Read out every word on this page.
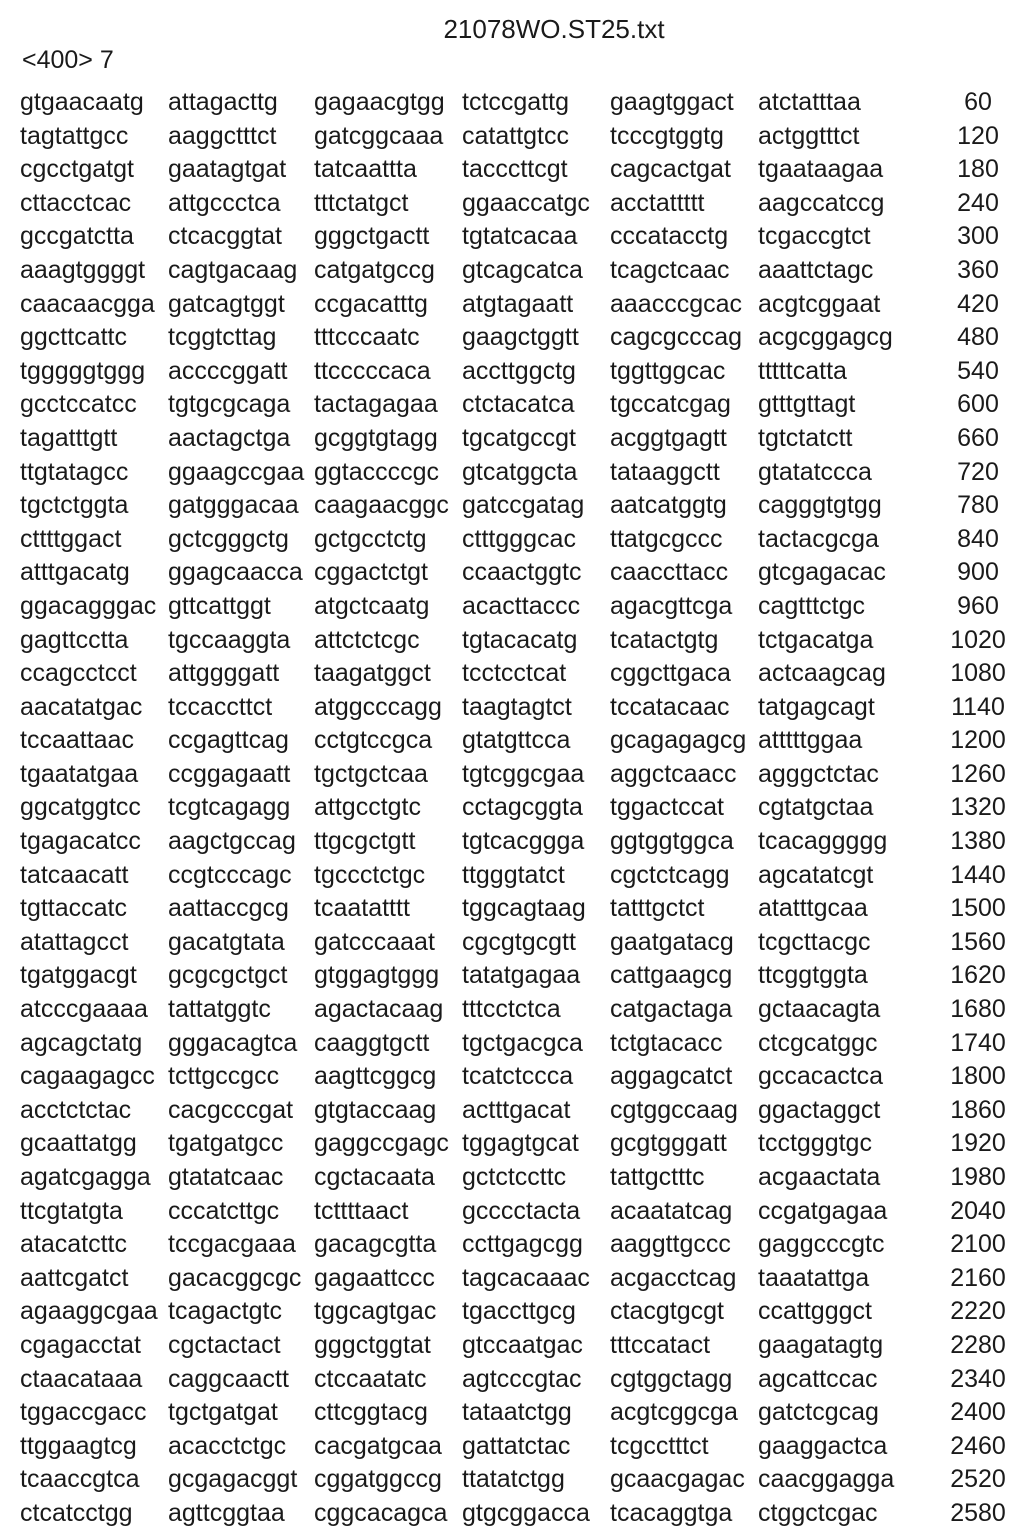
21078WO.ST25.txt
<400> 7
gtgaacaatg attagacttg gagaacgtgg tctccgattg gaagtggact atctatttaa	60
tagtattgcc aaggctttct gatcggcaaa catattgtcc tcccgtggtg actggtttct	120
cgcctgatgt gaatagtgat tatcaattta tacccttcgt cagcactgat tgaataagaa	180
cttacctcac attgccctca tttctatgct ggaaccatgc acctattttt aagccatccg	240
gccgatctta ctcacggtat gggctgactt tgtatcacaa cccatacctg tcgaccgtct	300
aaagtggggt cagtgacaag catgatgccg gtcagcatca tcagctcaac aaattctagc	360
caacaacgga gatcagtggt ccgacatttg atgtagaatt aaacccgcac acgtcggaat	420
ggcttcattc tcggtcttag tttcccaatc gaagctggtt cagcgcccag acgcggagcg	480
tgggggtggg accccggatt ttcccccaca accttggctg tggttggcac tttttcatta	540
gcctccatcc tgtgcgcaga tactagagaa ctctacatca tgccatcgag gtttgttagt	600
tagatttgtt aactagctga gcggtgtagg tgcatgccgt acggtgagtt tgtctatctt	660
ttgtatagcc ggaagccgaa ggtaccccgc gtcatggcta tataaggctt gtatatccca	720
tgctctggta gatgggacaa caagaacggc gatccgatag aatcatggtg cagggtgtgg	780
cttttggact gctcgggctg gctgcctctg ctttgggcac ttatgcgccc tactacgcga	840
atttgacatg ggagcaacca cggactctgt ccaactggtc caaccttacc gtcgagacac	900
ggacagggac gttcattggt atgctcaatg acacttaccc agacgttcga cagtttctgc	960
gagttcctta tgccaaggta attctctcgc tgtacacatg tcatactgtg tctgacatga	1020
ccagcctcct attggggatt taagatggct tcctcctcat cggcttgaca actcaagcag	1080
aacatatgac tccaccttct atggcccagg taagtagtct tccatacaac tatgagcagt	1140
tccaattaac ccgagttcag cctgtccgca gtatgttcca gcagagagcg atttttggaa	1200
tgaatatgaa ccggagaatt tgctgctcaa tgtcggcgaa aggctcaacc agggctctac	1260
ggcatggtcc tcgtcagagg attgcctgtc cctagcggta tggactccat cgtatgctaa	1320
tgagacatcc aagctgccag ttgcgctgtt tgtcacggga ggtggtggca tcacaggggg	1380
tatcaacatt ccgtcccagc tgccctctgc ttgggtatct cgctctcagg agcatatcgt	1440
tgttaccatc aattaccgcg tcaatatttt tggcagtaag tatttgctct atatttgcaa	1500
atattagcct gacatgtata gatcccaaat cgcgtgcgtt gaatgatacg tcgcttacgc	1560
tgatggacgt gcgcgctgct gtggagtggg tatatgagaa cattgaagcg ttcggtggta	1620
atcccgaaaa tattatggtc agactacaag tttcctctca catgactaga gctaacagta	1680
agcagctatg gggacagtca caaggtgctt tgctgacgca tctgtacacc ctcgcatggc	1740
cagaagagcc tcttgccgcc aagttcggcg tcatctccca aggagcatct gccacactca	1800
acctctctac cacgcccgat gtgtaccaag actttgacat cgtggccaag ggactaggct	1860
gcaattatgg tgatgatgcc gaggccgagc tggagtgcat gcgtgggatt tcctgggtgc	1920
agatcgagga gtatatcaac cgctacaata gctctccttc tattgctttc acgaactata	1980
ttcgtatgta cccatcttgc tcttttaact gcccctacta acaatatcag ccgatgagaa	2040
atacatcttc tccgacgaaa gacagcgtta ccttgagcgg aaggttgccc gaggcccgtc	2100
aattcgatct gacacggcgc gagaattccc tagcacaaac acgacctcag taaatattga	2160
agaaggcgaa tcagactgtc tggcagtgac tgaccttgcg ctacgtgcgt ccattgggct	2220
cgagacctat cgctactact gggctggtat gtccaatgac tttccatact gaagatagtg	2280
ctaacataaa caggcaactt ctccaatatc agtcccgtac cgtggctagg agcattccac	2340
tggaccgacc tgctgatgat cttcggtacg tataatctgg acgtcggcga gatctcgcag	2400
ttggaagtcg acacctctgc cacgatgcaa gattatctac tcgcctttct gaaggactca	2460
tcaaccgtca gcgagacggt cggatggccg ttatatctgg gcaacgagac caacggagga	2520
ctcatcctgg agttcggtaa cggcacagca gtgcggacca tcacaggtga ctggctcgac	2580
